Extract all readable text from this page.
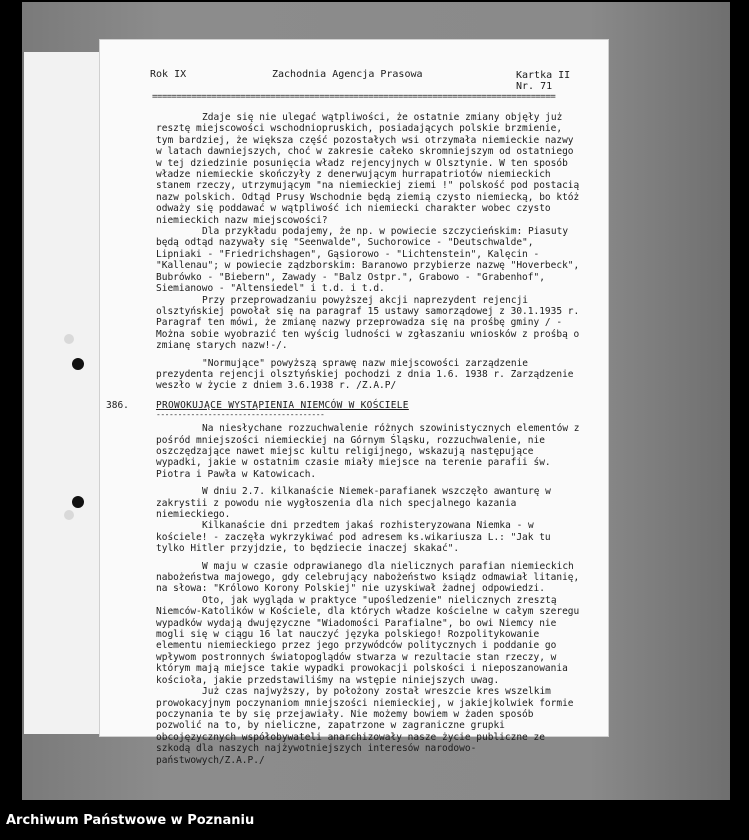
Rok IX	Zachodnia Agencja Prasowa	Kartka II
Nr. 71
==================================================================================

Zdaje się nie ulegać wątpliwości, że ostatnie zmiany objęły już resztę miejscowości wschodniopruskich, posiadających polskie brzmienie, tym bardziej, że większa część pozostałych wsi otrzymała niemieckie nazwy w latach dawniejszych, choć w zakresie całeko skromniejszym od ostatniego w tej dziedzinie posunięcia władz rejencyjnych w Olsztynie. W ten sposób władze niemieckie skończyły z denerwującym hurrapatriotów niemieckich stanem rzeczy, utrzymującym "na niemieckiej ziemi !" polskość pod postacią nazw polskich. Odtąd Prusy Wschodnie będą ziemią czysto niemiecką, bo któż odważy się poddawać w wątpliwość ich niemiecki charakter wobec czysto niemieckich nazw miejscowości?

Dla przykładu podajemy, że np. w powiecie szczycieńskim: Piasuty będą odtąd nazywały się "Seenwalde", Suchorowice - "Deutschwalde", Lipniaki - "Friedrichshagen", Gąsiorowo - "Lichtenstein", Kalęcin - "Kallenau"; w powiecie ządzborskim: Baranowo przybierze nazwę "Hoverbeck", Bubrówko - "Biebern", Zawady - "Balz Ostpr.", Grabowo - "Grabenhof", Siemianowo - "Altensiedel" i t.d. i t.d.

Przy przeprowadzaniu powyższej akcji naprezydent rejencji olsztyńskiej powołał się na paragraf 15 ustawy samorządowej z 30.1.1935 r. Paragraf ten mówi, że zmianę nazwy przeprowadza się na prośbę gminy / - Można sobie wyobrazić ten wyścig ludności w zgłaszaniu wniosków z prośbą o zmianę starych nazw!-/.

"Normujące" powyższą sprawę nazw miejscowości zarządzenie prezydenta rejencji olsztyńskiej pochodzi z dnia 1.6. 1938 r. Zarządzenie weszło w życie z dniem 3.6.1938 r. /Z.A.P/

386.	PROWOKUJĄCE WYSTĄPIENIA NIEMCÓW W KOŚCIELE
---------------------------------------

Na niesłychane rozzuchwalenie różnych szowinistycznych elementów z pośród mniejszości niemieckiej na Górnym Śląsku, rozzuchwalenie, nie oszczędzające nawet miejsc kultu religijnego, wskazują następujące wypadki, jakie w ostatnim czasie miały miejsce na terenie parafii św. Piotra i Pawła w Katowicach.

W dniu 2.7. kilkanaście Niemek-parafianek wszczęło awanturę w zakrystii z powodu nie wygłoszenia dla nich specjalnego kazania niemieckiego.

Kilkanaście dni przedtem jakaś rozhisteryzowana Niemka - w kościele! - zaczęła wykrzykiwać pod adresem ks.wikariusza L.: "Jak tu tylko Hitler przyjdzie, to będziecie inaczej skakać".

W maju w czasie odprawianego dla nielicznych parafian niemieckich nabożeństwa majowego, gdy celebrujący nabożeństwo ksiądz odmawiał litanię, na słowa: "Królowo Korony Polskiej" nie uzyskiwał żadnej odpowiedzi.

Oto, jak wygląda w praktyce "upośledzenie" nielicznych zresztą Niemców-Katolików w Kościele, dla których władze kościelne w całym szeregu wypadków wydają dwujęzyczne "Wiadomości Parafialne", bo owi Niemcy nie mogli się w ciągu 16 lat nauczyć języka polskiego! Rozpolitykowanie elementu niemieckiego przez jego przywódców politycznych i poddanie go wpływom postronnych światopoglądów stwarza w rezultacie stan rzeczy, w którym mają miejsce takie wypadki prowokacji polskości i nieposzanowania kościoła, jakie przedstawiliśmy na wstępie niniejszych uwag.

Już czas najwyższy, by położony został wreszcie kres wszelkim prowokacyjnym poczynaniom mniejszości niemieckiej, w jakiejkolwiek formie poczynania te by się przejawiały. Nie możemy bowiem w żaden sposób pozwolić na to, by nieliczne, zapatrzone w zagraniczne grupki obcojęzycznych współobywateli anarchizowały nasze życie publiczne ze szkodą dla naszych najżywotniejszych interesów narodowo-państwowych/Z.A.P./

Archiwum Państwowe w Poznaniu
